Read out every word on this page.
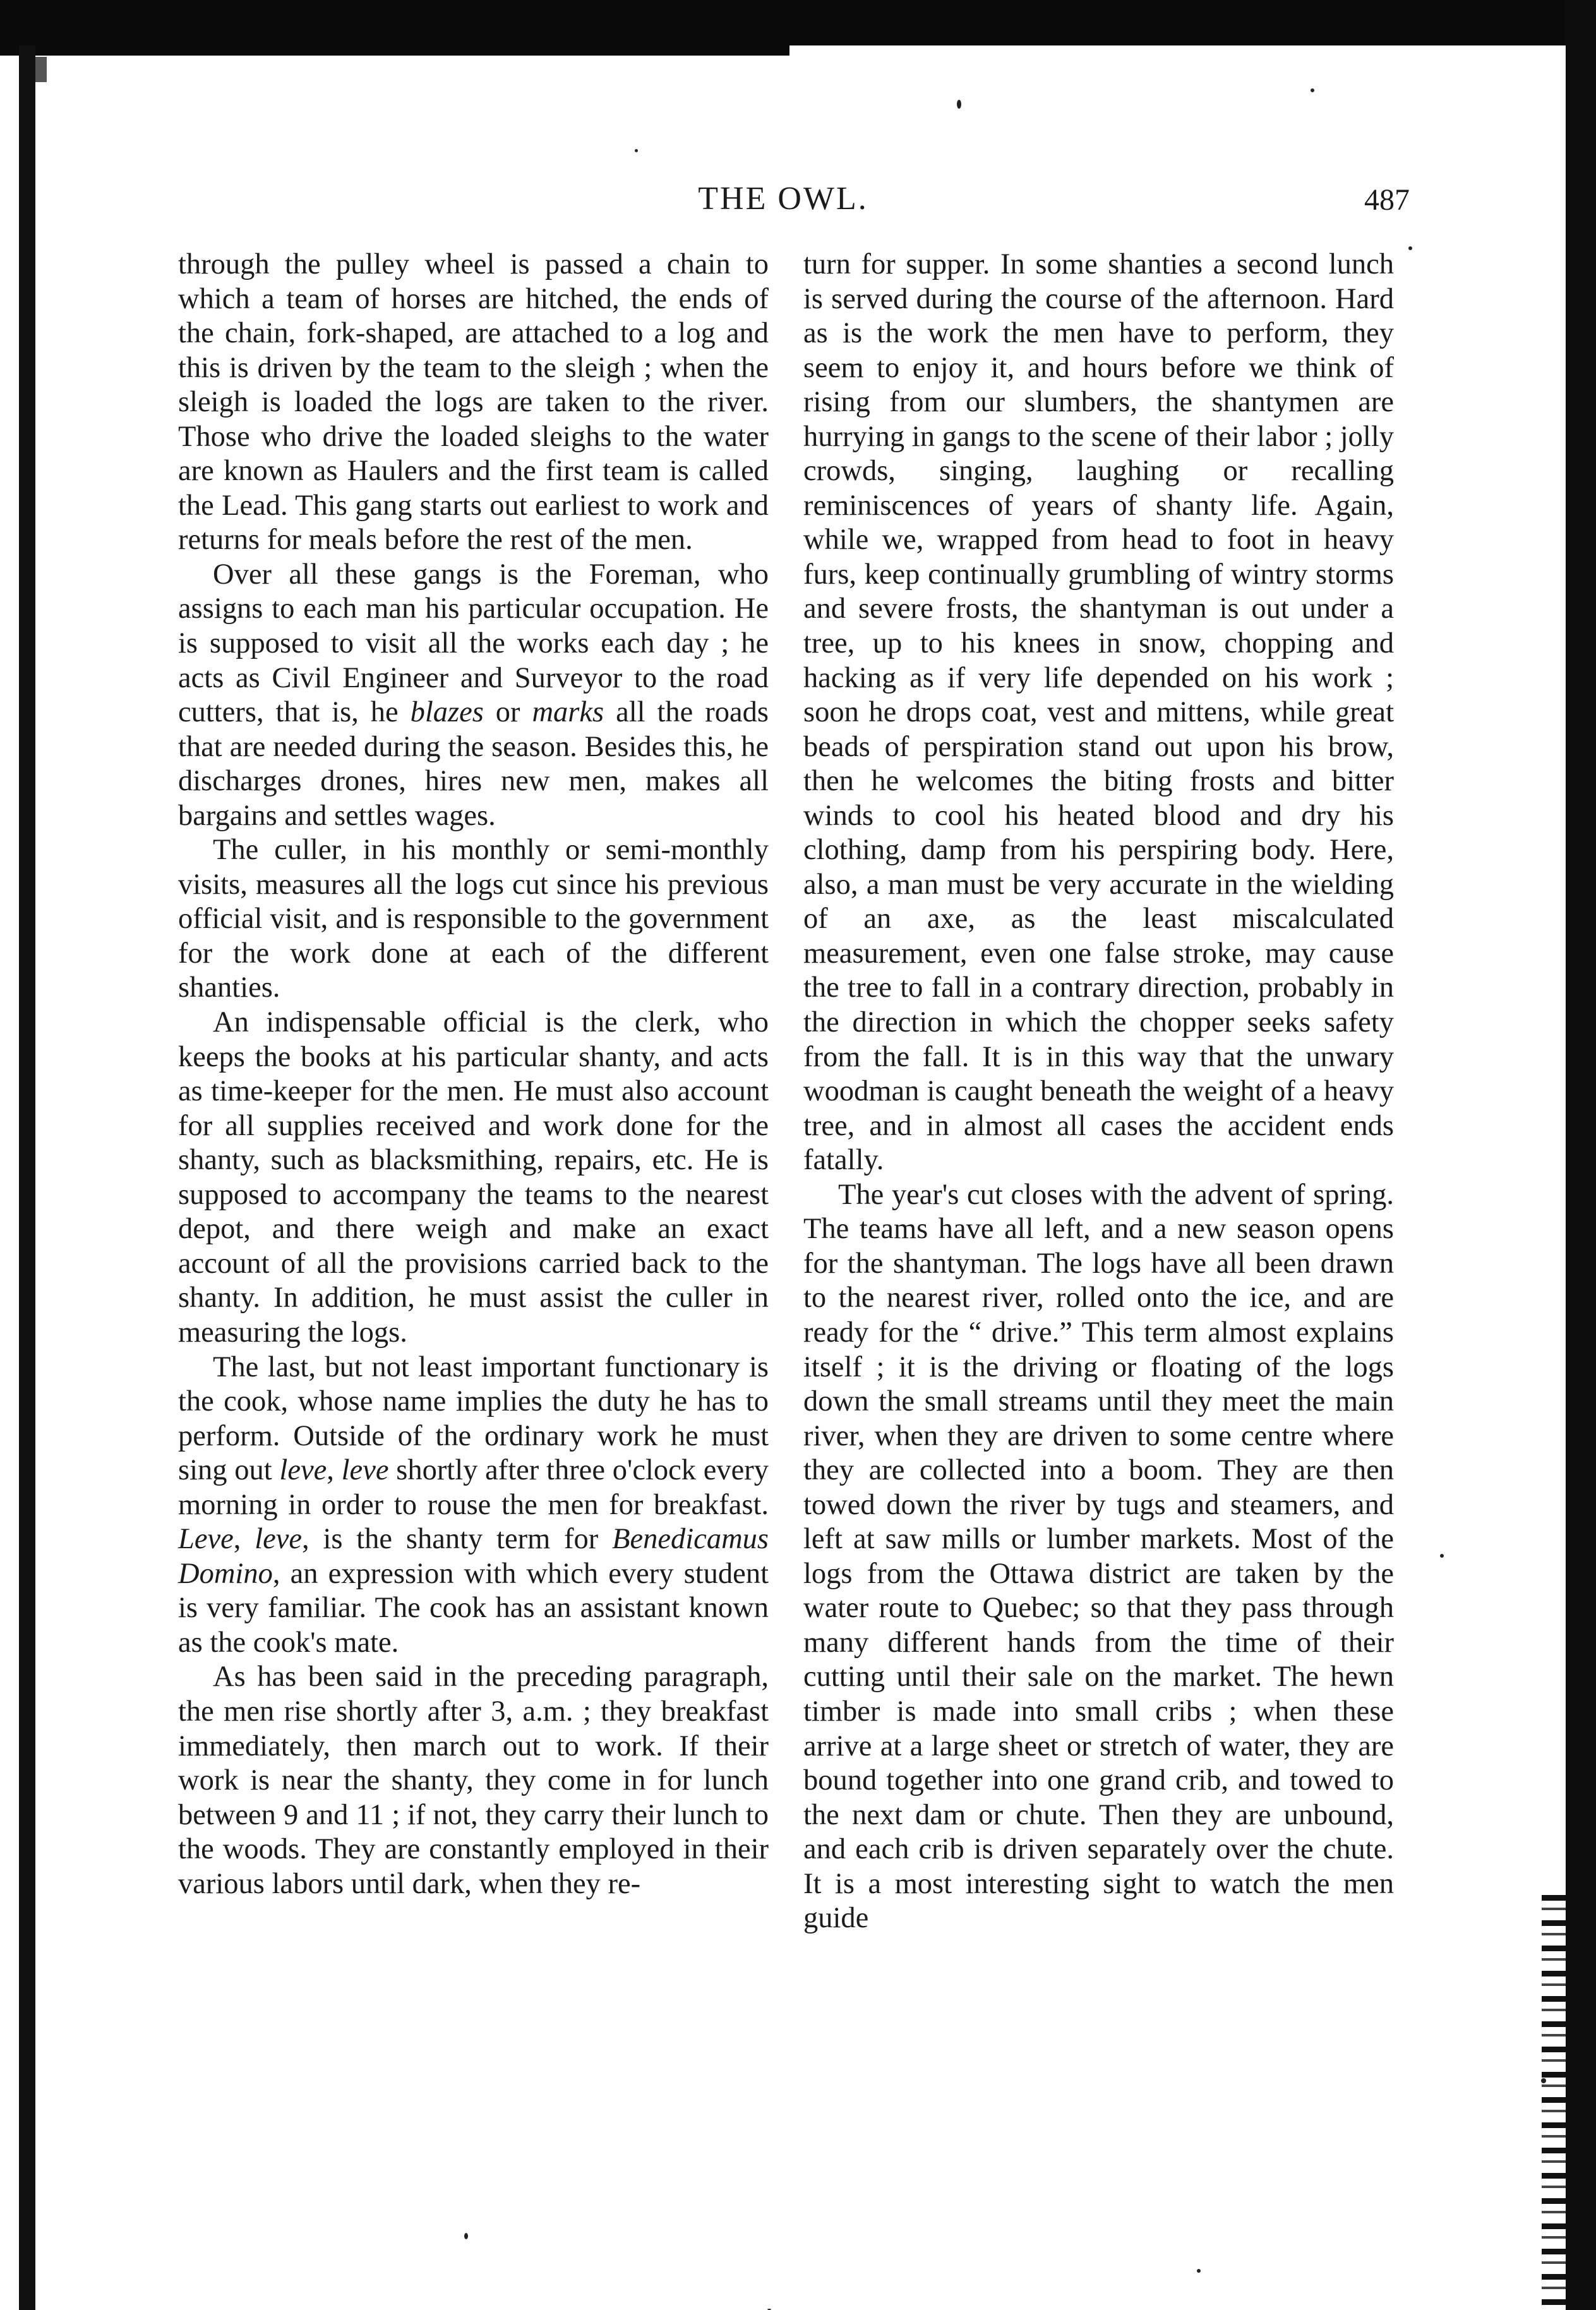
THE OWL.	487

through the pulley wheel is passed a chain to which a team of horses are hitched, the ends of the chain, fork-shaped, are attached to a log and this is driven by the team to the sleigh ; when the sleigh is loaded the logs are taken to the river. Those who drive the loaded sleighs to the water are known as Haulers and the first team is called the Lead. This gang starts out earliest to work and returns for meals before the rest of the men.

Over all these gangs is the Foreman, who assigns to each man his particular occupation. He is supposed to visit all the works each day ; he acts as Civil Engineer and Surveyor to the road cutters, that is, he blazes or marks all the roads that are needed during the season. Besides this, he discharges drones, hires new men, makes all bargains and settles wages.

The culler, in his monthly or semi-monthly visits, measures all the logs cut since his previous official visit, and is responsible to the government for the work done at each of the different shanties.

An indispensable official is the clerk, who keeps the books at his particular shanty, and acts as time-keeper for the men. He must also account for all supplies received and work done for the shanty, such as blacksmithing, repairs, etc. He is supposed to accompany the teams to the nearest depot, and there weigh and make an exact account of all the provisions carried back to the shanty. In addition, he must assist the culler in measuring the logs.

The last, but not least important functionary is the cook, whose name implies the duty he has to perform. Outside of the ordinary work he must sing out leve, leve shortly after three o'clock every morning in order to rouse the men for breakfast. Leve, leve, is the shanty term for Benedicamus Domino, an expression with which every student is very familiar. The cook has an assistant known as the cook's mate.

As has been said in the preceding paragraph, the men rise shortly after 3, a.m. ; they breakfast immediately, then march out to work. If their work is near the shanty, they come in for lunch between 9 and 11 ; if not, they carry their lunch to the woods. They are constantly employed in their various labors until dark, when they re-

turn for supper. In some shanties a second lunch is served during the course of the afternoon. Hard as is the work the men have to perform, they seem to enjoy it, and hours before we think of rising from our slumbers, the shantymen are hurrying in gangs to the scene of their labor ; jolly crowds, singing, laughing or recalling reminiscences of years of shanty life. Again, while we, wrapped from head to foot in heavy furs, keep continually grumbling of wintry storms and severe frosts, the shantyman is out under a tree, up to his knees in snow, chopping and hacking as if very life depended on his work ; soon he drops coat, vest and mittens, while great beads of perspiration stand out upon his brow, then he welcomes the biting frosts and bitter winds to cool his heated blood and dry his clothing, damp from his perspiring body. Here, also, a man must be very accurate in the wielding of an axe, as the least miscalculated measurement, even one false stroke, may cause the tree to fall in a contrary direction, probably in the direction in which the chopper seeks safety from the fall. It is in this way that the unwary woodman is caught beneath the weight of a heavy tree, and in almost all cases the accident ends fatally.

The year's cut closes with the advent of spring. The teams have all left, and a new season opens for the shantyman. The logs have all been drawn to the nearest river, rolled onto the ice, and are ready for the “ drive.” This term almost explains itself ; it is the driving or floating of the logs down the small streams until they meet the main river, when they are driven to some centre where they are collected into a boom. They are then towed down the river by tugs and steamers, and left at saw mills or lumber markets. Most of the logs from the Ottawa district are taken by the water route to Quebec; so that they pass through many different hands from the time of their cutting until their sale on the market. The hewn timber is made into small cribs ; when these arrive at a large sheet or stretch of water, they are bound together into one grand crib, and towed to the next dam or chute. Then they are unbound, and each crib is driven separately over the chute. It is a most interesting sight to watch the men guide
